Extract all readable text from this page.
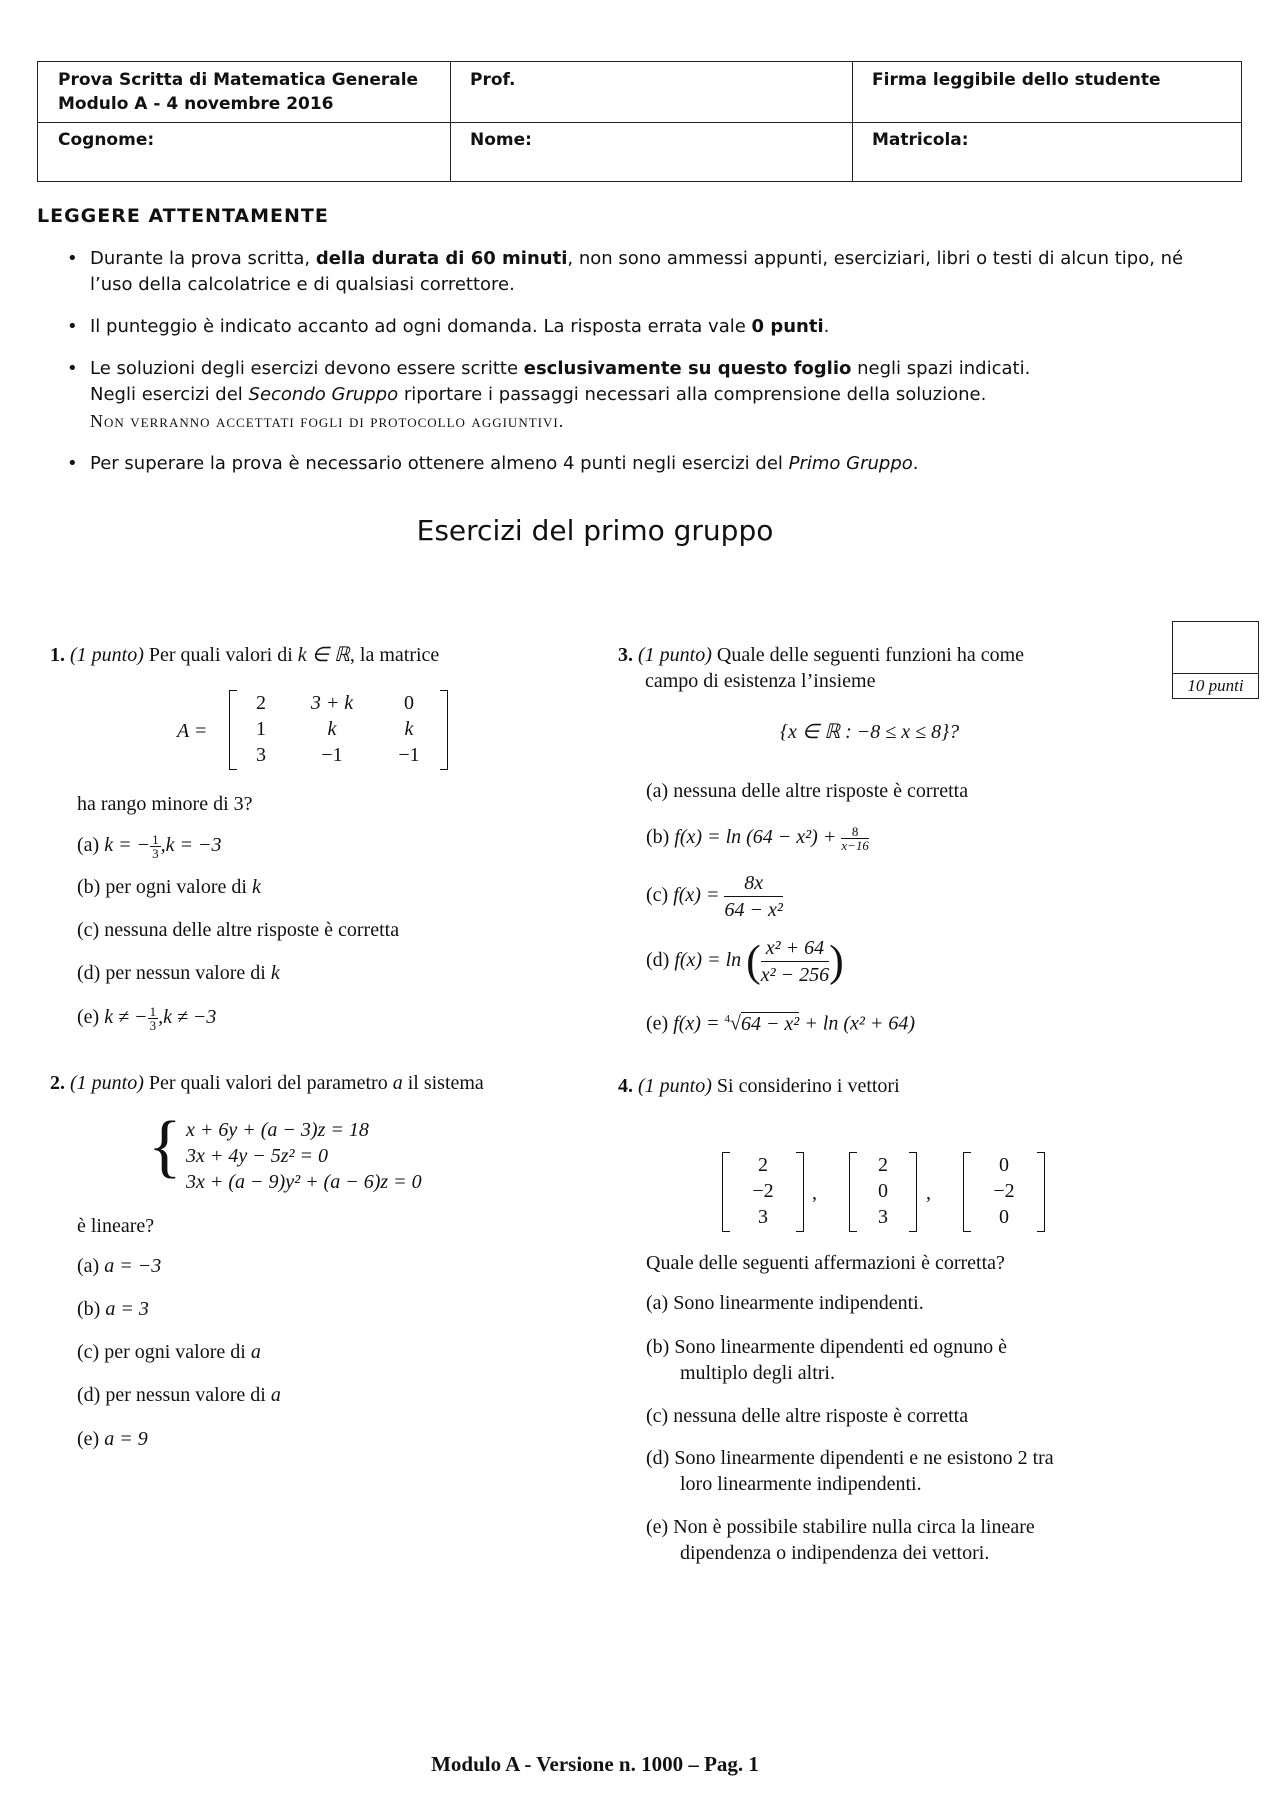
Prova Scritta di Matematica Generale
Modulo A - 4 novembre 2016
Prof.	Firma leggibile dello studente
Cognome:	Nome:	Matricola:
LEGGERE ATTENTAMENTE
• Durante la prova scritta, della durata di 60 minuti, non sono ammessi appunti, eserciziari, libri o testi di alcun tipo, né l’uso della calcolatrice e di qualsiasi correttore.
• Il punteggio è indicato accanto ad ogni domanda. La risposta errata vale 0 punti.
• Le soluzioni degli esercizi devono essere scritte esclusivamente su questo foglio negli spazi indicati.
Negli esercizi del Secondo Gruppo riportare i passaggi necessari alla comprensione della soluzione.
Non verranno accettati fogli di protocollo aggiuntivi.
• Per superare la prova è necessario ottenere almeno 4 punti negli esercizi del Primo Gruppo.
Esercizi del primo gruppo
10 punti
1. (1 punto) Per quali valori di k ∈ ℝ, la matrice
A =
2	3 + k	0
1	k	k
3	−1	−1
ha rango minore di 3?
(a) k = − $\frac{1}{3} ,k = -3$
(b) per ogni valore di k
(c) nessuna delle altre risposte è corretta
(d) per nessun valore di k
(e) k ≠ − $\frac{1}{3} ,k \ne -3$
2. (1 punto) Per quali valori del parametro a il sistema
{ x + 6y + (a − 3)z = 18
3x + 4y − 5z² = 0
3x + (a − 9)y² + (a − 6)z = 0
è lineare?
(a) a = −3
(b) a = 3
(c) per ogni valore di a
(d) per nessun valore di a
(e) a = 9
3. (1 punto) Quale delle seguenti funzioni ha come
campo di esistenza l’insieme
{x ∈ ℝ : −8 ≤ x ≤ 8}?
(a) nessuna delle altre risposte è corretta
(b) $f(x) = \ln (64 - x^2) + \frac{8}{x-16}$
(c) $f(x) = \frac{8x}{\text{64 − x²}}$
(d) f(x) = ln ( $\frac{\text{x² + 64}}{\text{x² − 256}}$ )
(e) f(x) = $^4$√64 − x² + ln (x² + 64)
4. (1 punto) Si considerino i vettori
2
−2
3
,
2
0
3
,
0
−2
0
Quale delle seguenti affermazioni è corretta?
(a) Sono linearmente indipendenti.
(b) Sono linearmente dipendenti ed ognuno è
multiplo degli altri.
(c) nessuna delle altre risposte è corretta
(d) Sono linearmente dipendenti e ne esistono 2 tra
loro linearmente indipendenti.
(e) Non è possibile stabilire nulla circa la lineare
dipendenza o indipendenza dei vettori.
Modulo A - Versione n. 1000 – Pag. 1
